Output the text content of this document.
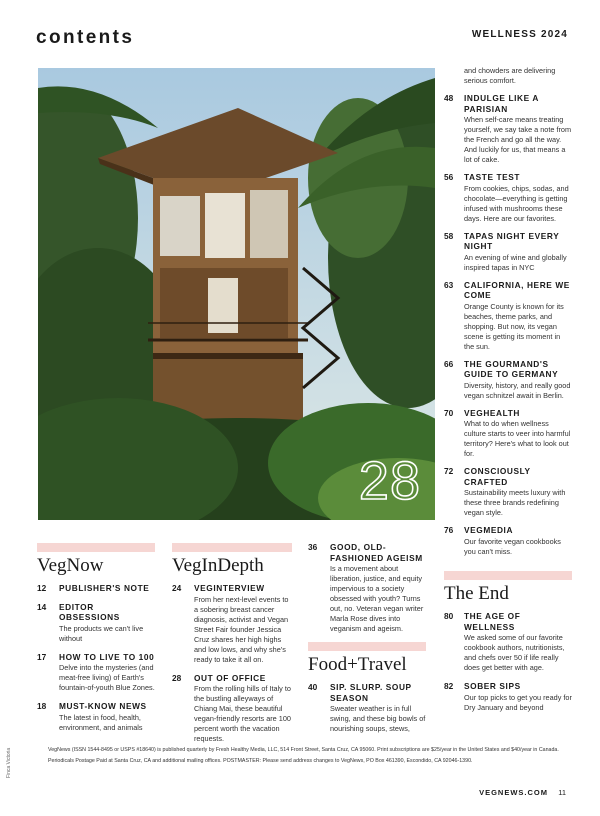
contents	WELLNESS 2024
28
and chowders are delivering serious comfort.
48 INDULGE LIKE A PARISIAN
When self-care means treating yourself, we say take a note from the French and go all the way. And luckily for us, that means a lot of cake.
56 TASTE TEST
From cookies, chips, sodas, and chocolate—everything is getting infused with mushrooms these days. Here are our favorites.
58 TAPAS NIGHT EVERY NIGHT
An evening of wine and globally inspired tapas in NYC
63 CALIFORNIA, HERE WE COME
Orange County is known for its beaches, theme parks, and shopping. But now, its vegan scene is getting its moment in the sun.
66 THE GOURMAND'S GUIDE TO GERMANY
Diversity, history, and really good vegan schnitzel await in Berlin.
70 VEGHEALTH
What to do when wellness culture starts to veer into harmful territory? Here's what to look out for.
72 CONSCIOUSLY CRAFTED
Sustainability meets luxury with these three brands redefining vegan style.
76 VEGMEDIA
Our favorite vegan cookbooks you can't miss.
VegNow
12 PUBLISHER'S NOTE
14 EDITOR OBSESSIONS
The products we can't live without
17 HOW TO LIVE TO 100
Delve into the mysteries (and meat-free living) of Earth's fountain-of-youth Blue Zones.
18 MUST-KNOW NEWS
The latest in food, health, environment, and animals
VegInDepth
24 VEGINTERVIEW
From her next-level events to a sobering breast cancer diagnosis, activist and Vegan Street Fair founder Jessica Cruz shares her high highs and low lows, and why she's ready to take it all on.
28 OUT OF OFFICE
From the rolling hills of Italy to the bustling alleyways of Chiang Mai, these beautiful vegan-friendly resorts are 100 percent worth the vacation requests.
36 GOOD, OLD-FASHIONED AGEISM
Is a movement about liberation, justice, and equity impervious to a society obsessed with youth? Turns out, no. Veteran vegan writer Marla Rose dives into veganism and ageism.
Food+Travel
40 SIP. SLURP. SOUP SEASON
Sweater weather is in full swing, and these big bowls of nourishing soups, stews,
The End
80 THE AGE OF WELLNESS
We asked some of our favorite cookbook authors, nutritionists, and chefs over 50 if life really does get better with age.
82 SOBER SIPS
Our top picks to get you ready for Dry January and beyond
Finca Victoria	VegNews (ISSN 1544-8495 or USPS #18640) is published quarterly by Fresh Healthy Media, LLC, 514 Front Street, Santa Cruz, CA 95060. Print subscriptions are $25/year in the United States and $40/year in Canada. Periodicals Postage Paid at Santa Cruz, CA and additional mailing offices. POSTMASTER: Please send address changes to VegNews, PO Box 461390, Escondido, CA 92046-1390.
VEGNEWS.COM 11
